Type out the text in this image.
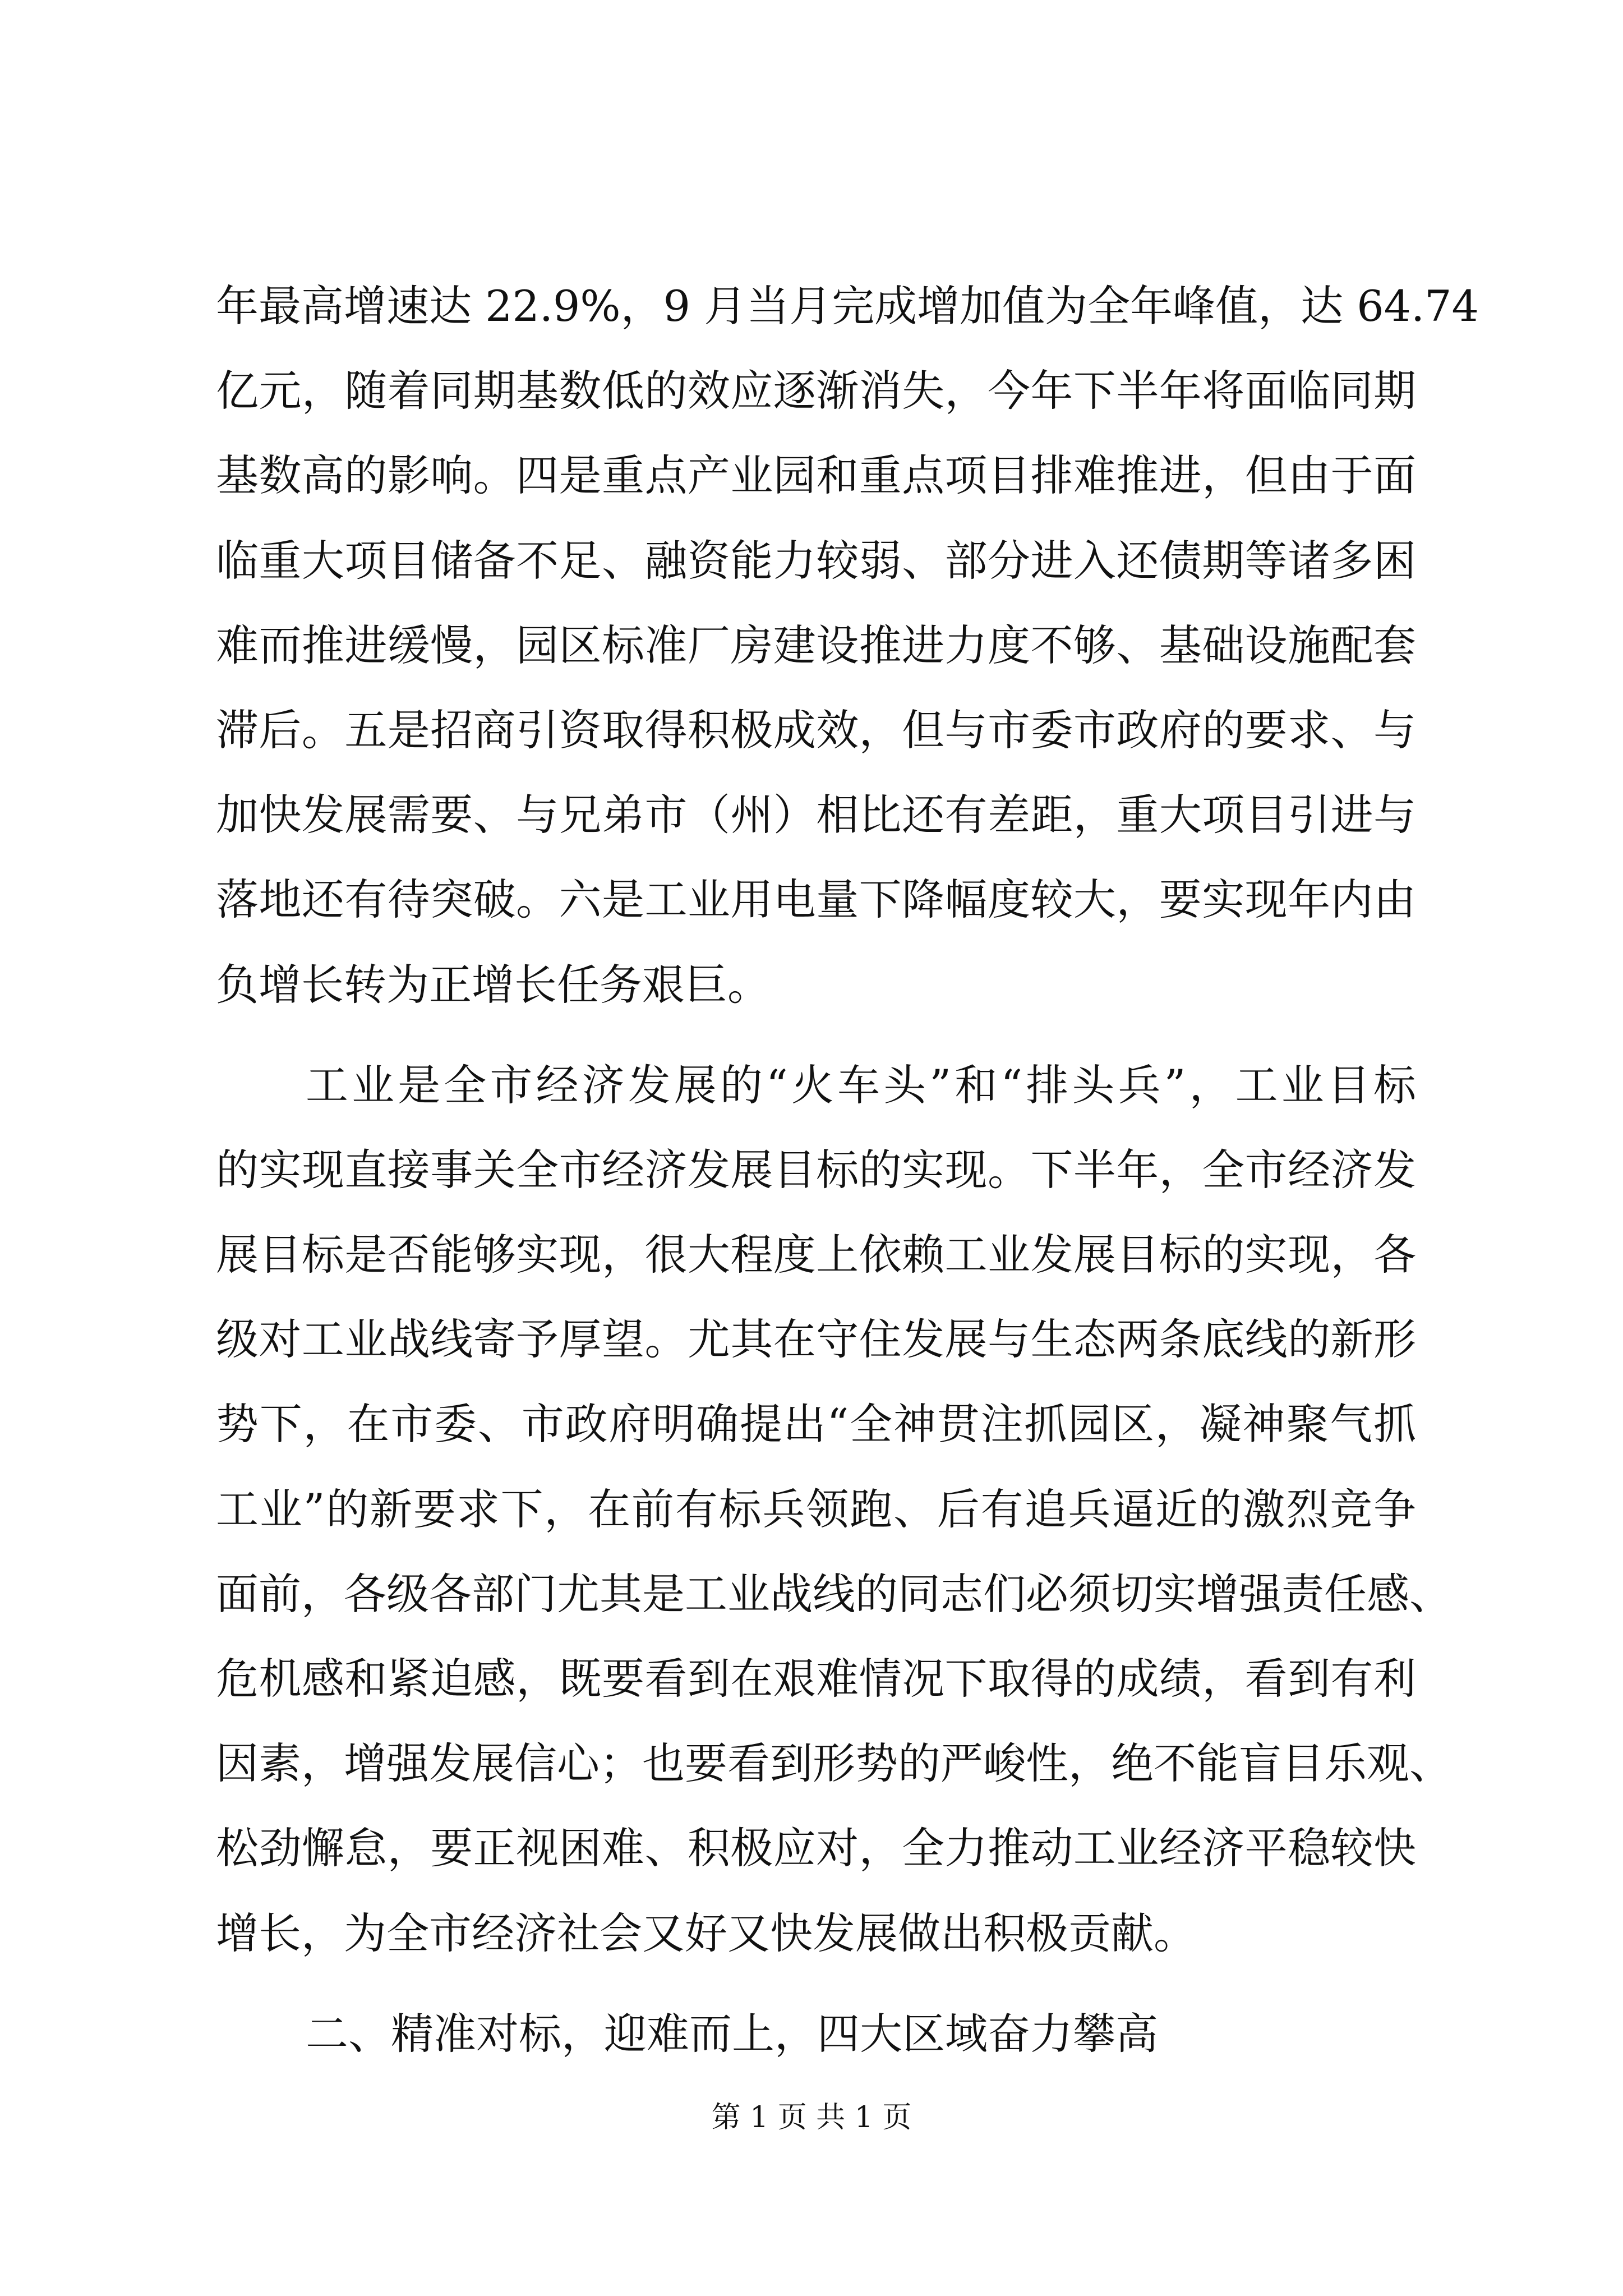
年最高增速达 22.9%，9 月当月完成增加值为全年峰值，达 64.74
亿元，随着同期基数低的效应逐渐消失，今年下半年将面临同期
基数高的影响。四是重点产业园和重点项目排难推进，但由于面
临重大项目储备不足、融资能力较弱、部分进入还债期等诸多困
难而推进缓慢，园区标准厂房建设推进力度不够、基础设施配套
滞后。五是招商引资取得积极成效，但与市委市政府的要求、与
加快发展需要、与兄弟市（州）相比还有差距，重大项目引进与
落地还有待突破。六是工业用电量下降幅度较大，要实现年内由
负增长转为正增长任务艰巨。
工业是全市经济发展的“火车头”和“排头兵”，工业目标
的实现直接事关全市经济发展目标的实现。下半年，全市经济发
展目标是否能够实现，很大程度上依赖工业发展目标的实现，各
级对工业战线寄予厚望。尤其在守住发展与生态两条底线的新形
势下，在市委、市政府明确提出“全神贯注抓园区，凝神聚气抓
工业”的新要求下，在前有标兵领跑、后有追兵逼近的激烈竞争
面前，各级各部门尤其是工业战线的同志们必须切实增强责任感、
危机感和紧迫感，既要看到在艰难情况下取得的成绩，看到有利
因素，增强发展信心；也要看到形势的严峻性，绝不能盲目乐观、
松劲懈怠，要正视困难、积极应对，全力推动工业经济平稳较快
增长，为全市经济社会又好又快发展做出积极贡献。
二、精准对标，迎难而上，四大区域奋力攀高
第 1 页 共 1 页
